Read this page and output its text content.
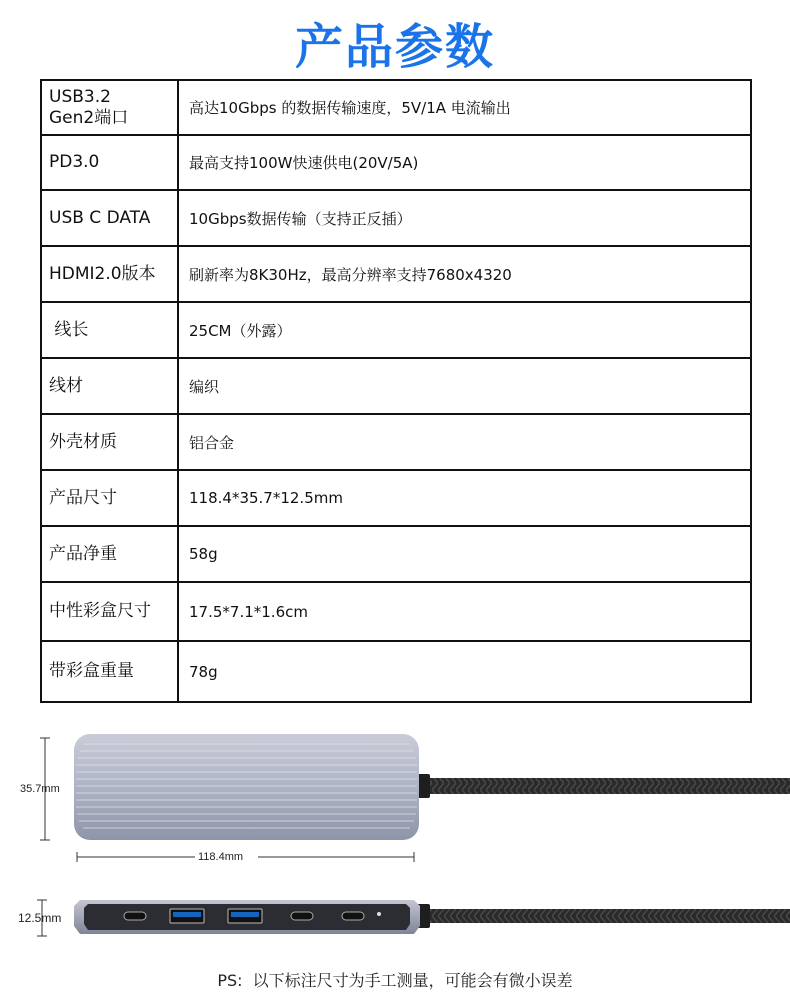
产品参数
USB3.2
Gen2端口	高达10Gbps 的数据传输速度，5V/1A 电流输出
PD3.0	最高支持100W快速供电(20V/5A)
USB C DATA	10Gbps数据传输（支持正反插）
HDMI2.0版本	刷新率为8K30Hz，最高分辨率支持7680x4320
线长	25CM（外露）
线材	编织
外壳材质	铝合金
产品尺寸	118.4*35.7*12.5mm
产品净重	58g
中性彩盒尺寸	17.5*7.1*1.6cm
带彩盒重量	78g
35.7mm
118.4mm
12.5mm
PS:  以下标注尺寸为手工测量，可能会有微小误差
